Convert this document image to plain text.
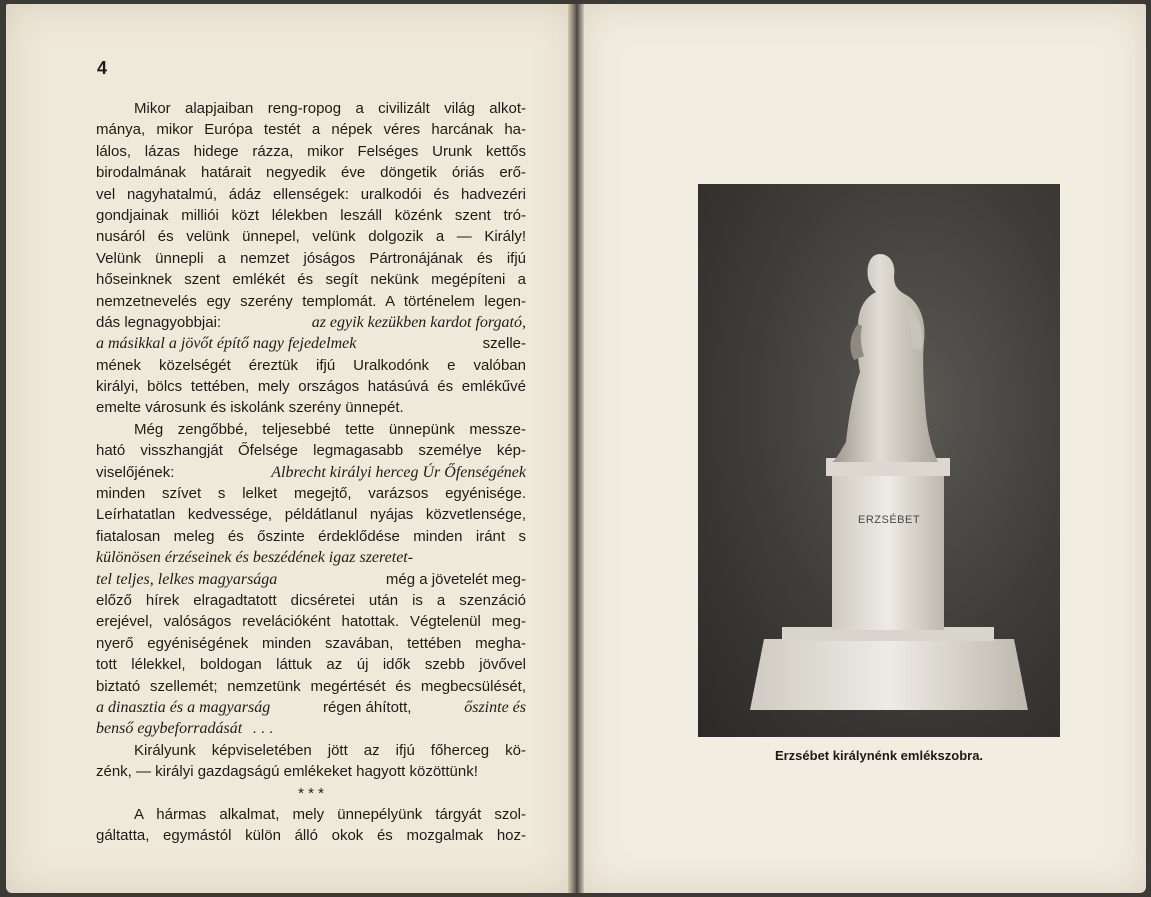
4
Mikor alapjaiban reng-ropog a civilizált világ alkot-
mánya, mikor Európa testét a népek véres harcának ha-
lálos, lázas hidege rázza, mikor Felséges Urunk kettős
birodalmának határait negyedik éve döngetik óriás erő-
vel nagyhatalmú, ádáz ellenségek: uralkodói és hadvezéri
gondjainak milliói közt lélekben leszáll közénk szent tró-
nusáról és velünk ünnepel, velünk dolgozik a — Király!
Velünk ünnepli a nemzet jóságos Pártronájának és ifjú
hőseinknek szent emlékét és segít nekünk megépíteni a
nemzetnevelés egy szerény templomát. A történelem legen-
dás legnagyobbjai:	az egyik kezükben kardot forgató,
a másikkal a jövőt építő nagy fejedelmek	szelle-
mének közelségét éreztük ifjú Uralkodónk e valóban
királyi, bölcs tettében, mely országos hatásúvá és emlékűvé
emelte városunk és iskolánk szerény ünnepét.
Még zengőbbé, teljesebbé tette ünnepünk messze-
ható visszhangját Őfelsége legmagasabb személye kép-
viselőjének:	Albrecht királyi herceg Úr Őfenségének
minden szívet s lelket megejtő, varázsos egyénisége.
Leírhatatlan kedvessége, példátlanul nyájas közvetlensége,
fiatalosan meleg és őszinte érdeklődése minden iránt s
különösen érzéseinek és beszédének igaz szeretet-
tel teljes, lelkes magyarsága	még a jövetelét meg-
előző hírek elragadtatott dicséretei után is a szenzáció
erejével, valóságos revelációként hatottak. Végtelenül meg-
nyerő egyéniségének minden szavában, tettében megha-
tott lélekkel, boldogan láttuk az új idők szebb jövővel
biztató szellemét; nemzetünk megértését és megbecsülését,
a dinasztia és a magyarság	régen áhított,	őszinte és
benső egybeforradását . . .
Királyunk képviseletében jött az ifjú főherceg kö-
zénk, — királyi gazdagságú emlékeket hagyott közöttünk!
* * *
A hármas alkalmat, mely ünnepélyünk tárgyát szol-
gáltatta, egymástól külön álló okok és mozgalmak hoz-
ERZSÉBET
Erzsébet királynénk emlékszobra.
